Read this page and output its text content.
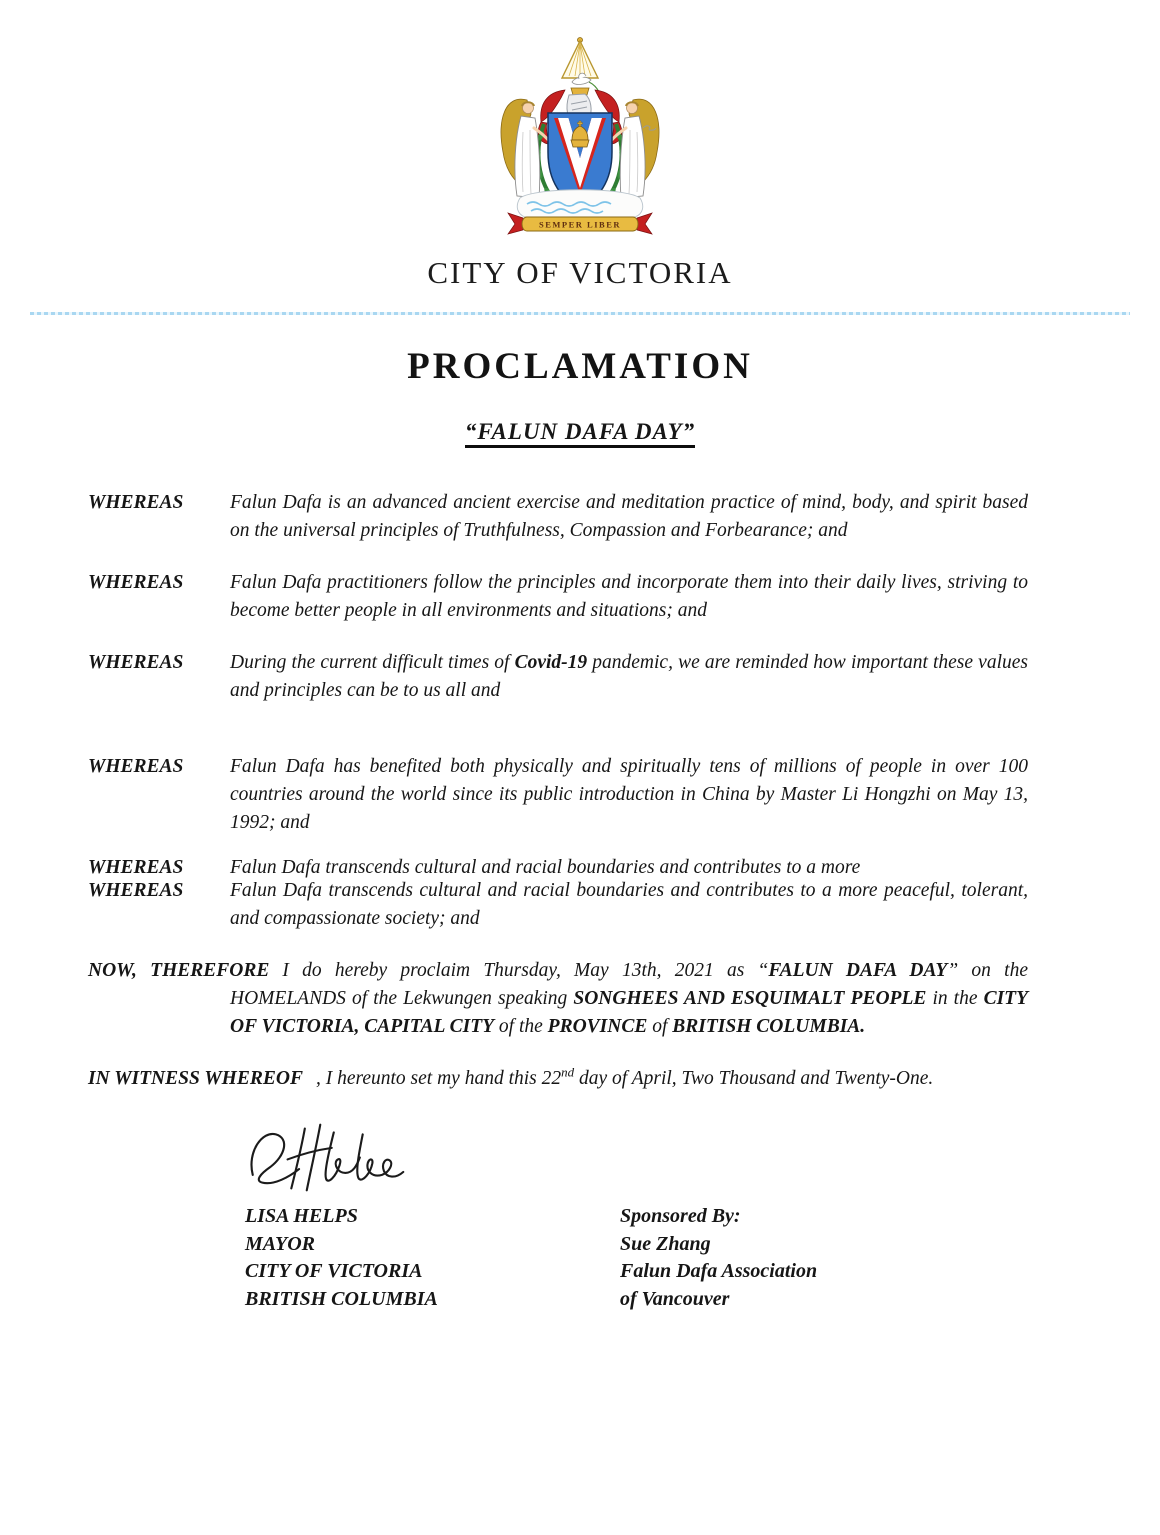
SEMPER LIBER
CITY OF VICTORIA
PROCLAMATION
“FALUN DAFA DAY”
WHEREAS Falun Dafa is an advanced ancient exercise and meditation practice of mind, body, and spirit based on the universal principles of Truthfulness, Compassion and Forbearance; and
WHEREAS Falun Dafa practitioners follow the principles and incorporate them into their daily lives, striving to become better people in all environments and situations; and
WHEREAS During the current difficult times of Covid-19 pandemic, we are reminded how important these values and principles can be to us all and
WHEREAS Falun Dafa has benefited both physically and spiritually tens of millions of people in over 100 countries around the world since its public introduction in China by Master Li Hongzhi on May 13, 1992; and
WHEREAS Falun Dafa transcends cultural and racial boundaries and contributes to a more
WHEREAS Falun Dafa transcends cultural and racial boundaries and contributes to a more peaceful, tolerant, and compassionate society; and
NOW, THEREFORE I do hereby proclaim Thursday, May 13th, 2021 as “FALUN DAFA DAY” on the HOMELANDS of the Lekwungen speaking SONGHEES AND ESQUIMALT PEOPLE in the CITY OF VICTORIA, CAPITAL CITY of the PROVINCE of BRITISH COLUMBIA.
IN WITNESS WHEREOF , I hereunto set my hand this 22nd day of April, Two Thousand and Twenty-One.
LISA HELPS
MAYOR
CITY OF VICTORIA
BRITISH COLUMBIA
Sponsored By:
Sue Zhang
Falun Dafa Association
of Vancouver
